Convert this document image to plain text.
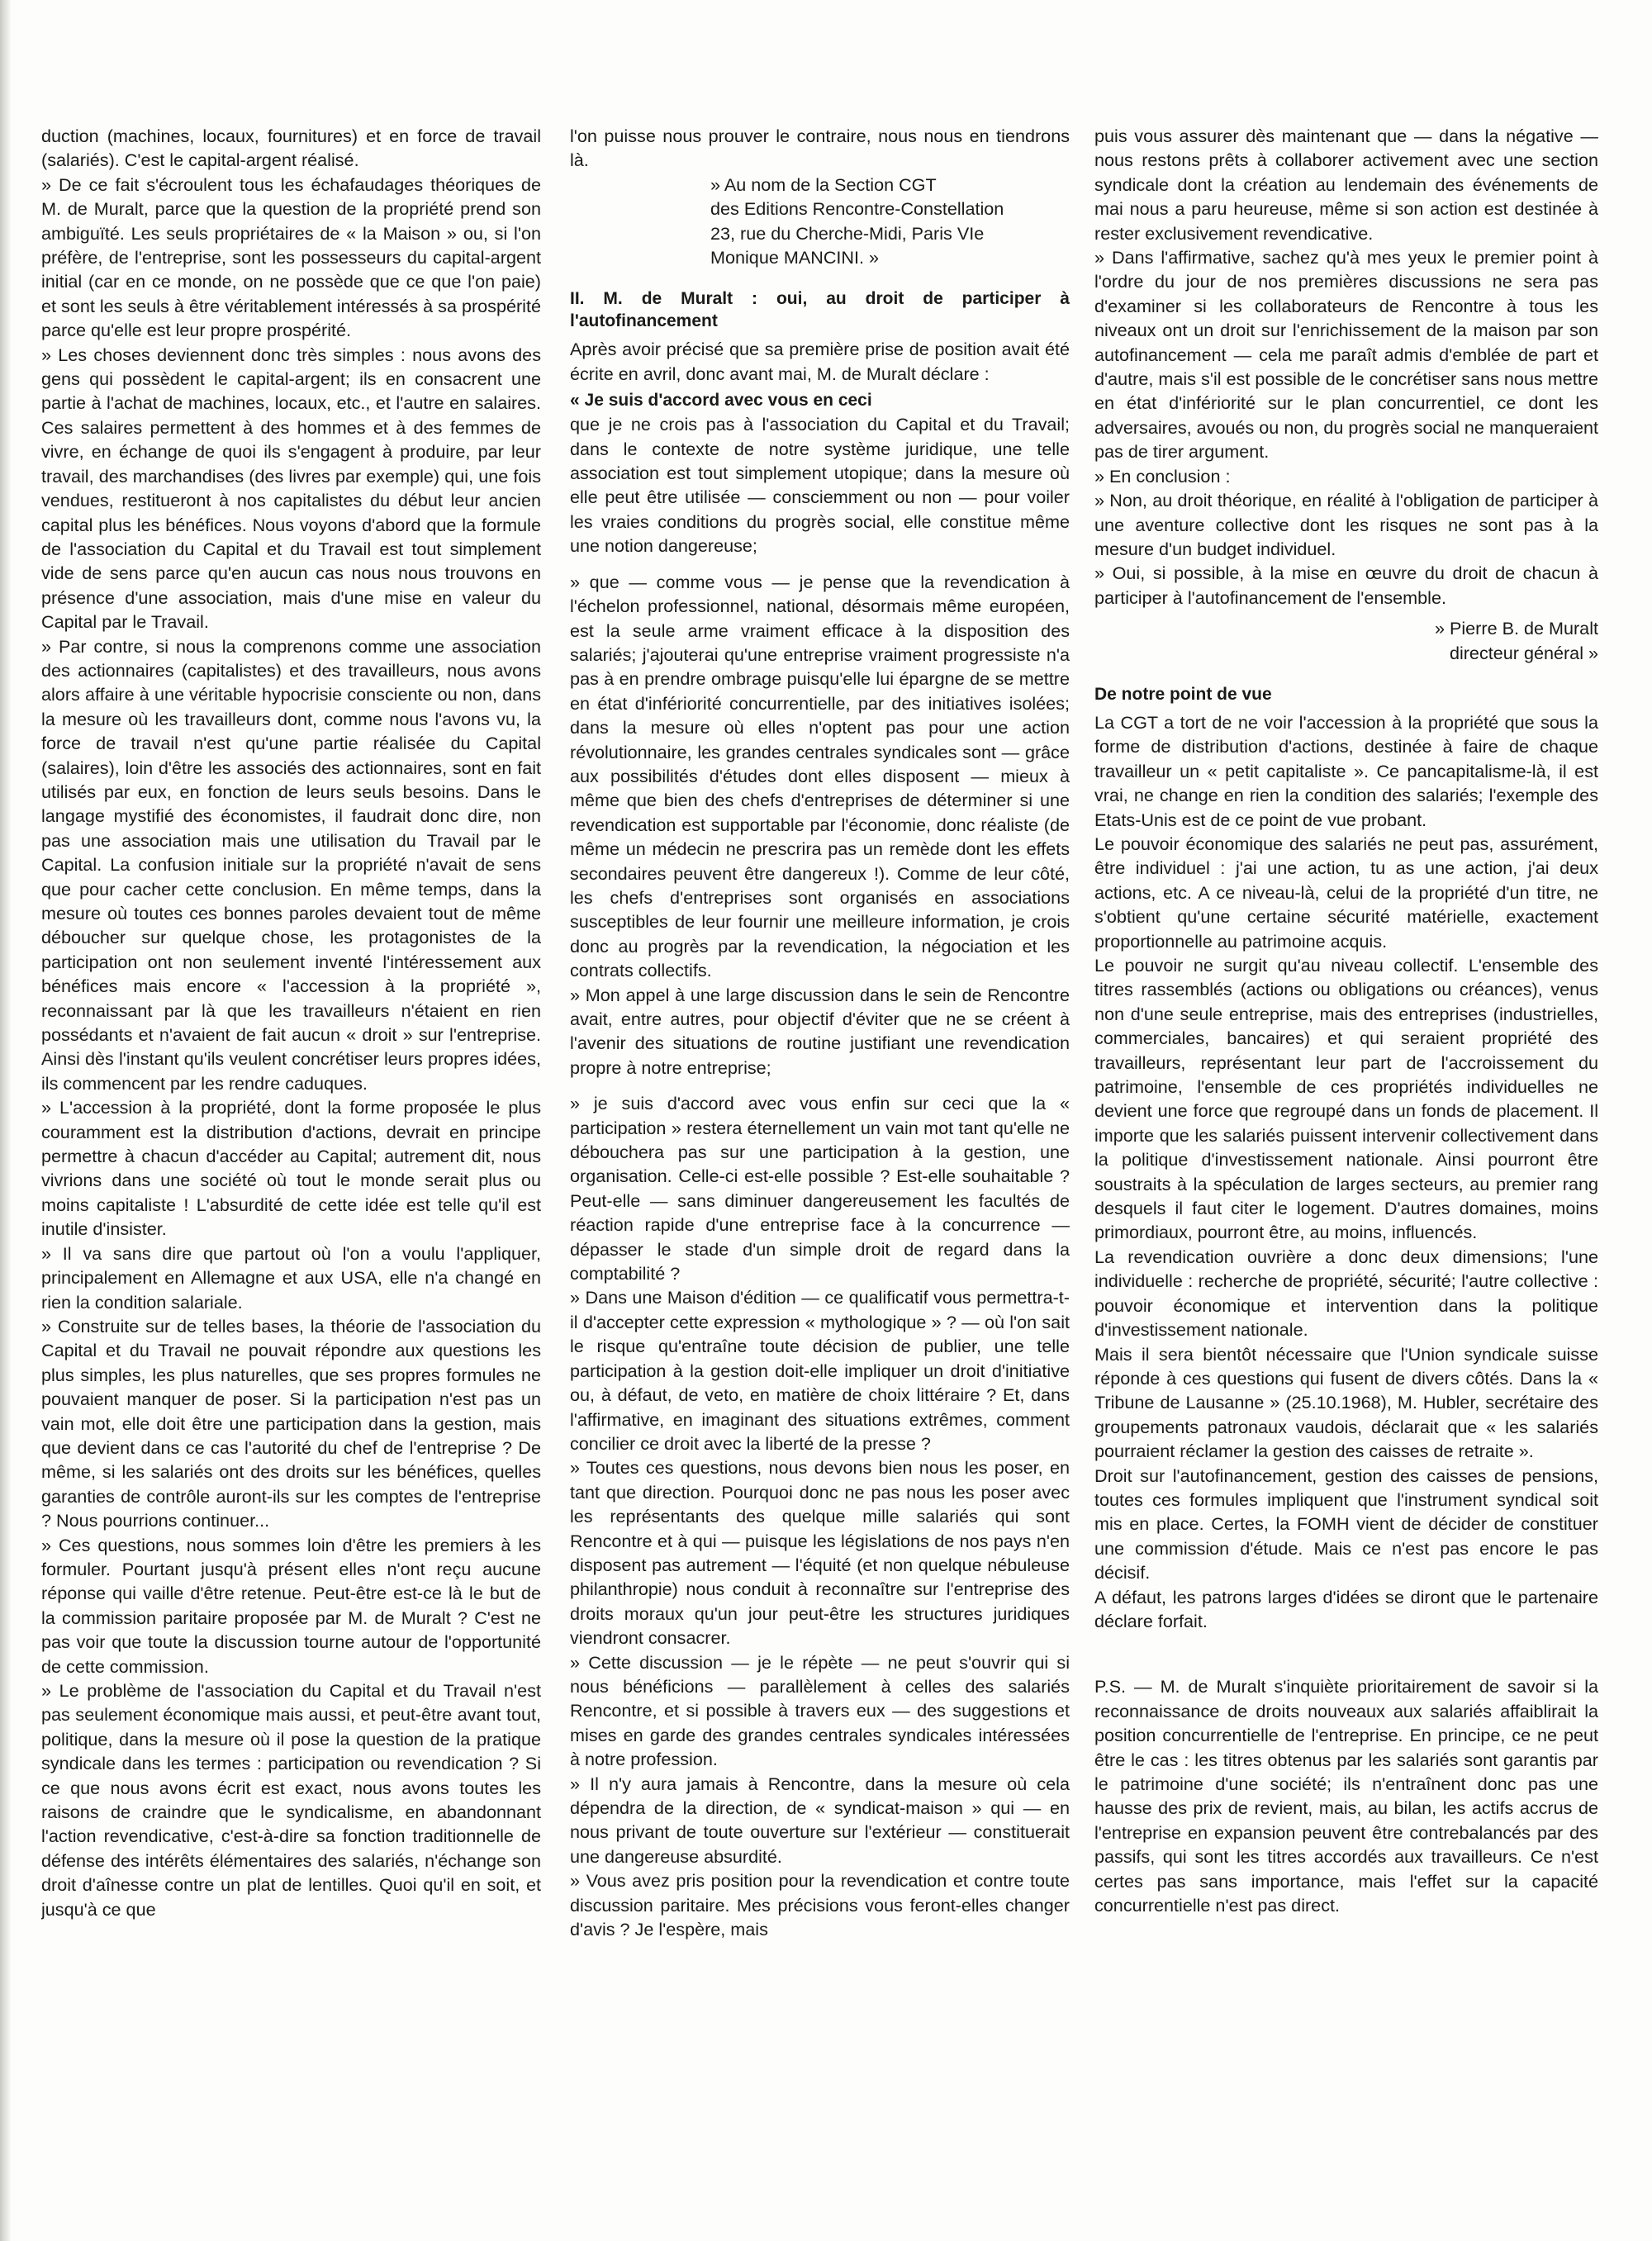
duction (machines, locaux, fournitures) et en force de travail (salariés). C'est le capital-argent réalisé.

» De ce fait s'écroulent tous les échafaudages théoriques de M. de Muralt, parce que la question de la propriété prend son ambiguïté. Les seuls propriétaires de « la Maison » ou, si l'on préfère, de l'entreprise, sont les possesseurs du capital-argent initial (car en ce monde, on ne possède que ce que l'on paie) et sont les seuls à être véritablement intéressés à sa prospérité parce qu'elle est leur propre prospérité.

» Les choses deviennent donc très simples : nous avons des gens qui possèdent le capital-argent; ils en consacrent une partie à l'achat de machines, locaux, etc., et l'autre en salaires. Ces salaires permettent à des hommes et à des femmes de vivre, en échange de quoi ils s'engagent à produire, par leur travail, des marchandises (des livres par exemple) qui, une fois vendues, restitueront à nos capitalistes du début leur ancien capital plus les bénéfices. Nous voyons d'abord que la formule de l'association du Capital et du Travail est tout simplement vide de sens parce qu'en aucun cas nous nous trouvons en présence d'une association, mais d'une mise en valeur du Capital par le Travail.

» Par contre, si nous la comprenons comme une association des actionnaires (capitalistes) et des travailleurs, nous avons alors affaire à une véritable hypocrisie consciente ou non, dans la mesure où les travailleurs dont, comme nous l'avons vu, la force de travail n'est qu'une partie réalisée du Capital (salaires), loin d'être les associés des actionnaires, sont en fait utilisés par eux, en fonction de leurs seuls besoins. Dans le langage mystifié des économistes, il faudrait donc dire, non pas une association mais une utilisation du Travail par le Capital. La confusion initiale sur la propriété n'avait de sens que pour cacher cette conclusion. En même temps, dans la mesure où toutes ces bonnes paroles devaient tout de même déboucher sur quelque chose, les protagonistes de la participation ont non seulement inventé l'intéressement aux bénéfices mais encore « l'accession à la propriété », reconnaissant par là que les travailleurs n'étaient en rien possédants et n'avaient de fait aucun « droit » sur l'entreprise. Ainsi dès l'instant qu'ils veulent concrétiser leurs propres idées, ils commencent par les rendre caduques.

» L'accession à la propriété, dont la forme proposée le plus couramment est la distribution d'actions, devrait en principe permettre à chacun d'accéder au Capital; autrement dit, nous vivrions dans une société où tout le monde serait plus ou moins capitaliste ! L'absurdité de cette idée est telle qu'il est inutile d'insister.

» Il va sans dire que partout où l'on a voulu l'appliquer, principalement en Allemagne et aux USA, elle n'a changé en rien la condition salariale.

» Construite sur de telles bases, la théorie de l'association du Capital et du Travail ne pouvait répondre aux questions les plus simples, les plus naturelles, que ses propres formules ne pouvaient manquer de poser. Si la participation n'est pas un vain mot, elle doit être une participation dans la gestion, mais que devient dans ce cas l'autorité du chef de l'entreprise ? De même, si les salariés ont des droits sur les bénéfices, quelles garanties de contrôle auront-ils sur les comptes de l'entreprise ? Nous pourrions continuer...

» Ces questions, nous sommes loin d'être les premiers à les formuler. Pourtant jusqu'à présent elles n'ont reçu aucune réponse qui vaille d'être retenue. Peut-être est-ce là le but de la commission paritaire proposée par M. de Muralt ? C'est ne pas voir que toute la discussion tourne autour de l'opportunité de cette commission.

» Le problème de l'association du Capital et du Travail n'est pas seulement économique mais aussi, et peut-être avant tout, politique, dans la mesure où il pose la question de la pratique syndicale dans les termes : participation ou revendication ? Si ce que nous avons écrit est exact, nous avons toutes les raisons de craindre que le syndicalisme, en abandonnant l'action revendicative, c'est-à-dire sa fonction traditionnelle de défense des intérêts élémentaires des salariés, n'échange son droit d'aînesse contre un plat de lentilles. Quoi qu'il en soit, et jusqu'à ce que

l'on puisse nous prouver le contraire, nous nous en tiendrons là.

» Au nom de la Section CGT
des Editions Rencontre-Constellation
23, rue du Cherche-Midi, Paris VIe
Monique MANCINI. »
II. M. de Muralt : oui, au droit de participer à l'autofinancement

Après avoir précisé que sa première prise de position avait été écrite en avril, donc avant mai, M. de Muralt déclare :

« Je suis d'accord avec vous en ceci

que je ne crois pas à l'association du Capital et du Travail; dans le contexte de notre système juridique, une telle association est tout simplement utopique; dans la mesure où elle peut être utilisée — consciemment ou non — pour voiler les vraies conditions du progrès social, elle constitue même une notion dangereuse;

» que — comme vous — je pense que la revendication à l'échelon professionnel, national, désormais même européen, est la seule arme vraiment efficace à la disposition des salariés; j'ajouterai qu'une entreprise vraiment progressiste n'a pas à en prendre ombrage puisqu'elle lui épargne de se mettre en état d'infériorité concurrentielle, par des initiatives isolées; dans la mesure où elles n'optent pas pour une action révolutionnaire, les grandes centrales syndicales sont — grâce aux possibilités d'études dont elles disposent — mieux à même que bien des chefs d'entreprises de déterminer si une revendication est supportable par l'économie, donc réaliste (de même un médecin ne prescrira pas un remède dont les effets secondaires peuvent être dangereux !). Comme de leur côté, les chefs d'entreprises sont organisés en associations susceptibles de leur fournir une meilleure information, je crois donc au progrès par la revendication, la négociation et les contrats collectifs.

» Mon appel à une large discussion dans le sein de Rencontre avait, entre autres, pour objectif d'éviter que ne se créent à l'avenir des situations de routine justifiant une revendication propre à notre entreprise;

» je suis d'accord avec vous enfin sur ceci que la « participation » restera éternellement un vain mot tant qu'elle ne débouchera pas sur une participation à la gestion, une organisation. Celle-ci est-elle possible ? Est-elle souhaitable ? Peut-elle — sans diminuer dangereusement les facultés de réaction rapide d'une entreprise face à la concurrence — dépasser le stade d'un simple droit de regard dans la comptabilité ?

» Dans une Maison d'édition — ce qualificatif vous permettra-t-il d'accepter cette expression « mythologique » ? — où l'on sait le risque qu'entraîne toute décision de publier, une telle participation à la gestion doit-elle impliquer un droit d'initiative ou, à défaut, de veto, en matière de choix littéraire ? Et, dans l'affirmative, en imaginant des situations extrêmes, comment concilier ce droit avec la liberté de la presse ?

» Toutes ces questions, nous devons bien nous les poser, en tant que direction. Pourquoi donc ne pas nous les poser avec les représentants des quelque mille salariés qui sont Rencontre et à qui — puisque les législations de nos pays n'en disposent pas autrement — l'équité (et non quelque nébuleuse philanthropie) nous conduit à reconnaître sur l'entreprise des droits moraux qu'un jour peut-être les structures juridiques viendront consacrer.

» Cette discussion — je le répète — ne peut s'ouvrir qui si nous bénéficions — parallèlement à celles des salariés Rencontre, et si possible à travers eux — des suggestions et mises en garde des grandes centrales syndicales intéressées à notre profession.

» Il n'y aura jamais à Rencontre, dans la mesure où cela dépendra de la direction, de « syndicat-maison » qui — en nous privant de toute ouverture sur l'extérieur — constituerait une dangereuse absurdité.

» Vous avez pris position pour la revendication et contre toute discussion paritaire. Mes précisions vous feront-elles changer d'avis ? Je l'espère, mais

puis vous assurer dès maintenant que — dans la négative — nous restons prêts à collaborer activement avec une section syndicale dont la création au lendemain des événements de mai nous a paru heureuse, même si son action est destinée à rester exclusivement revendicative.

» Dans l'affirmative, sachez qu'à mes yeux le premier point à l'ordre du jour de nos premières discussions ne sera pas d'examiner si les collaborateurs de Rencontre à tous les niveaux ont un droit sur l'enrichissement de la maison par son autofinancement — cela me paraît admis d'emblée de part et d'autre, mais s'il est possible de le concrétiser sans nous mettre en état d'infériorité sur le plan concurrentiel, ce dont les adversaires, avoués ou non, du progrès social ne manqueraient pas de tirer argument.

» En conclusion :

» Non, au droit théorique, en réalité à l'obligation de participer à une aventure collective dont les risques ne sont pas à la mesure d'un budget individuel.

» Oui, si possible, à la mise en œuvre du droit de chacun à participer à l'autofinancement de l'ensemble.

» Pierre B. de Muralt
directeur général »
De notre point de vue

La CGT a tort de ne voir l'accession à la propriété que sous la forme de distribution d'actions, destinée à faire de chaque travailleur un « petit capitaliste ». Ce pancapitalisme-là, il est vrai, ne change en rien la condition des salariés; l'exemple des Etats-Unis est de ce point de vue probant.

Le pouvoir économique des salariés ne peut pas, assurément, être individuel : j'ai une action, tu as une action, j'ai deux actions, etc. A ce niveau-là, celui de la propriété d'un titre, ne s'obtient qu'une certaine sécurité matérielle, exactement proportionnelle au patrimoine acquis.

Le pouvoir ne surgit qu'au niveau collectif. L'ensemble des titres rassemblés (actions ou obligations ou créances), venus non d'une seule entreprise, mais des entreprises (industrielles, commerciales, bancaires) et qui seraient propriété des travailleurs, représentant leur part de l'accroissement du patrimoine, l'ensemble de ces propriétés individuelles ne devient une force que regroupé dans un fonds de placement. Il importe que les salariés puissent intervenir collectivement dans la politique d'investissement nationale. Ainsi pourront être soustraits à la spéculation de larges secteurs, au premier rang desquels il faut citer le logement. D'autres domaines, moins primordiaux, pourront être, au moins, influencés.

La revendication ouvrière a donc deux dimensions; l'une individuelle : recherche de propriété, sécurité; l'autre collective : pouvoir économique et intervention dans la politique d'investissement nationale.

Mais il sera bientôt nécessaire que l'Union syndicale suisse réponde à ces questions qui fusent de divers côtés. Dans la « Tribune de Lausanne » (25.10.1968), M. Hubler, secrétaire des groupements patronaux vaudois, déclarait que « les salariés pourraient réclamer la gestion des caisses de retraite ».

Droit sur l'autofinancement, gestion des caisses de pensions, toutes ces formules impliquent que l'instrument syndical soit mis en place. Certes, la FOMH vient de décider de constituer une commission d'étude. Mais ce n'est pas encore le pas décisif.

A défaut, les patrons larges d'idées se diront que le partenaire déclare forfait.

P.S. — M. de Muralt s'inquiète prioritairement de savoir si la reconnaissance de droits nouveaux aux salariés affaiblirait la position concurrentielle de l'entreprise. En principe, ce ne peut être le cas : les titres obtenus par les salariés sont garantis par le patrimoine d'une société; ils n'entraînent donc pas une hausse des prix de revient, mais, au bilan, les actifs accrus de l'entreprise en expansion peuvent être contrebalancés par des passifs, qui sont les titres accordés aux travailleurs. Ce n'est certes pas sans importance, mais l'effet sur la capacité concurrentielle n'est pas direct.
